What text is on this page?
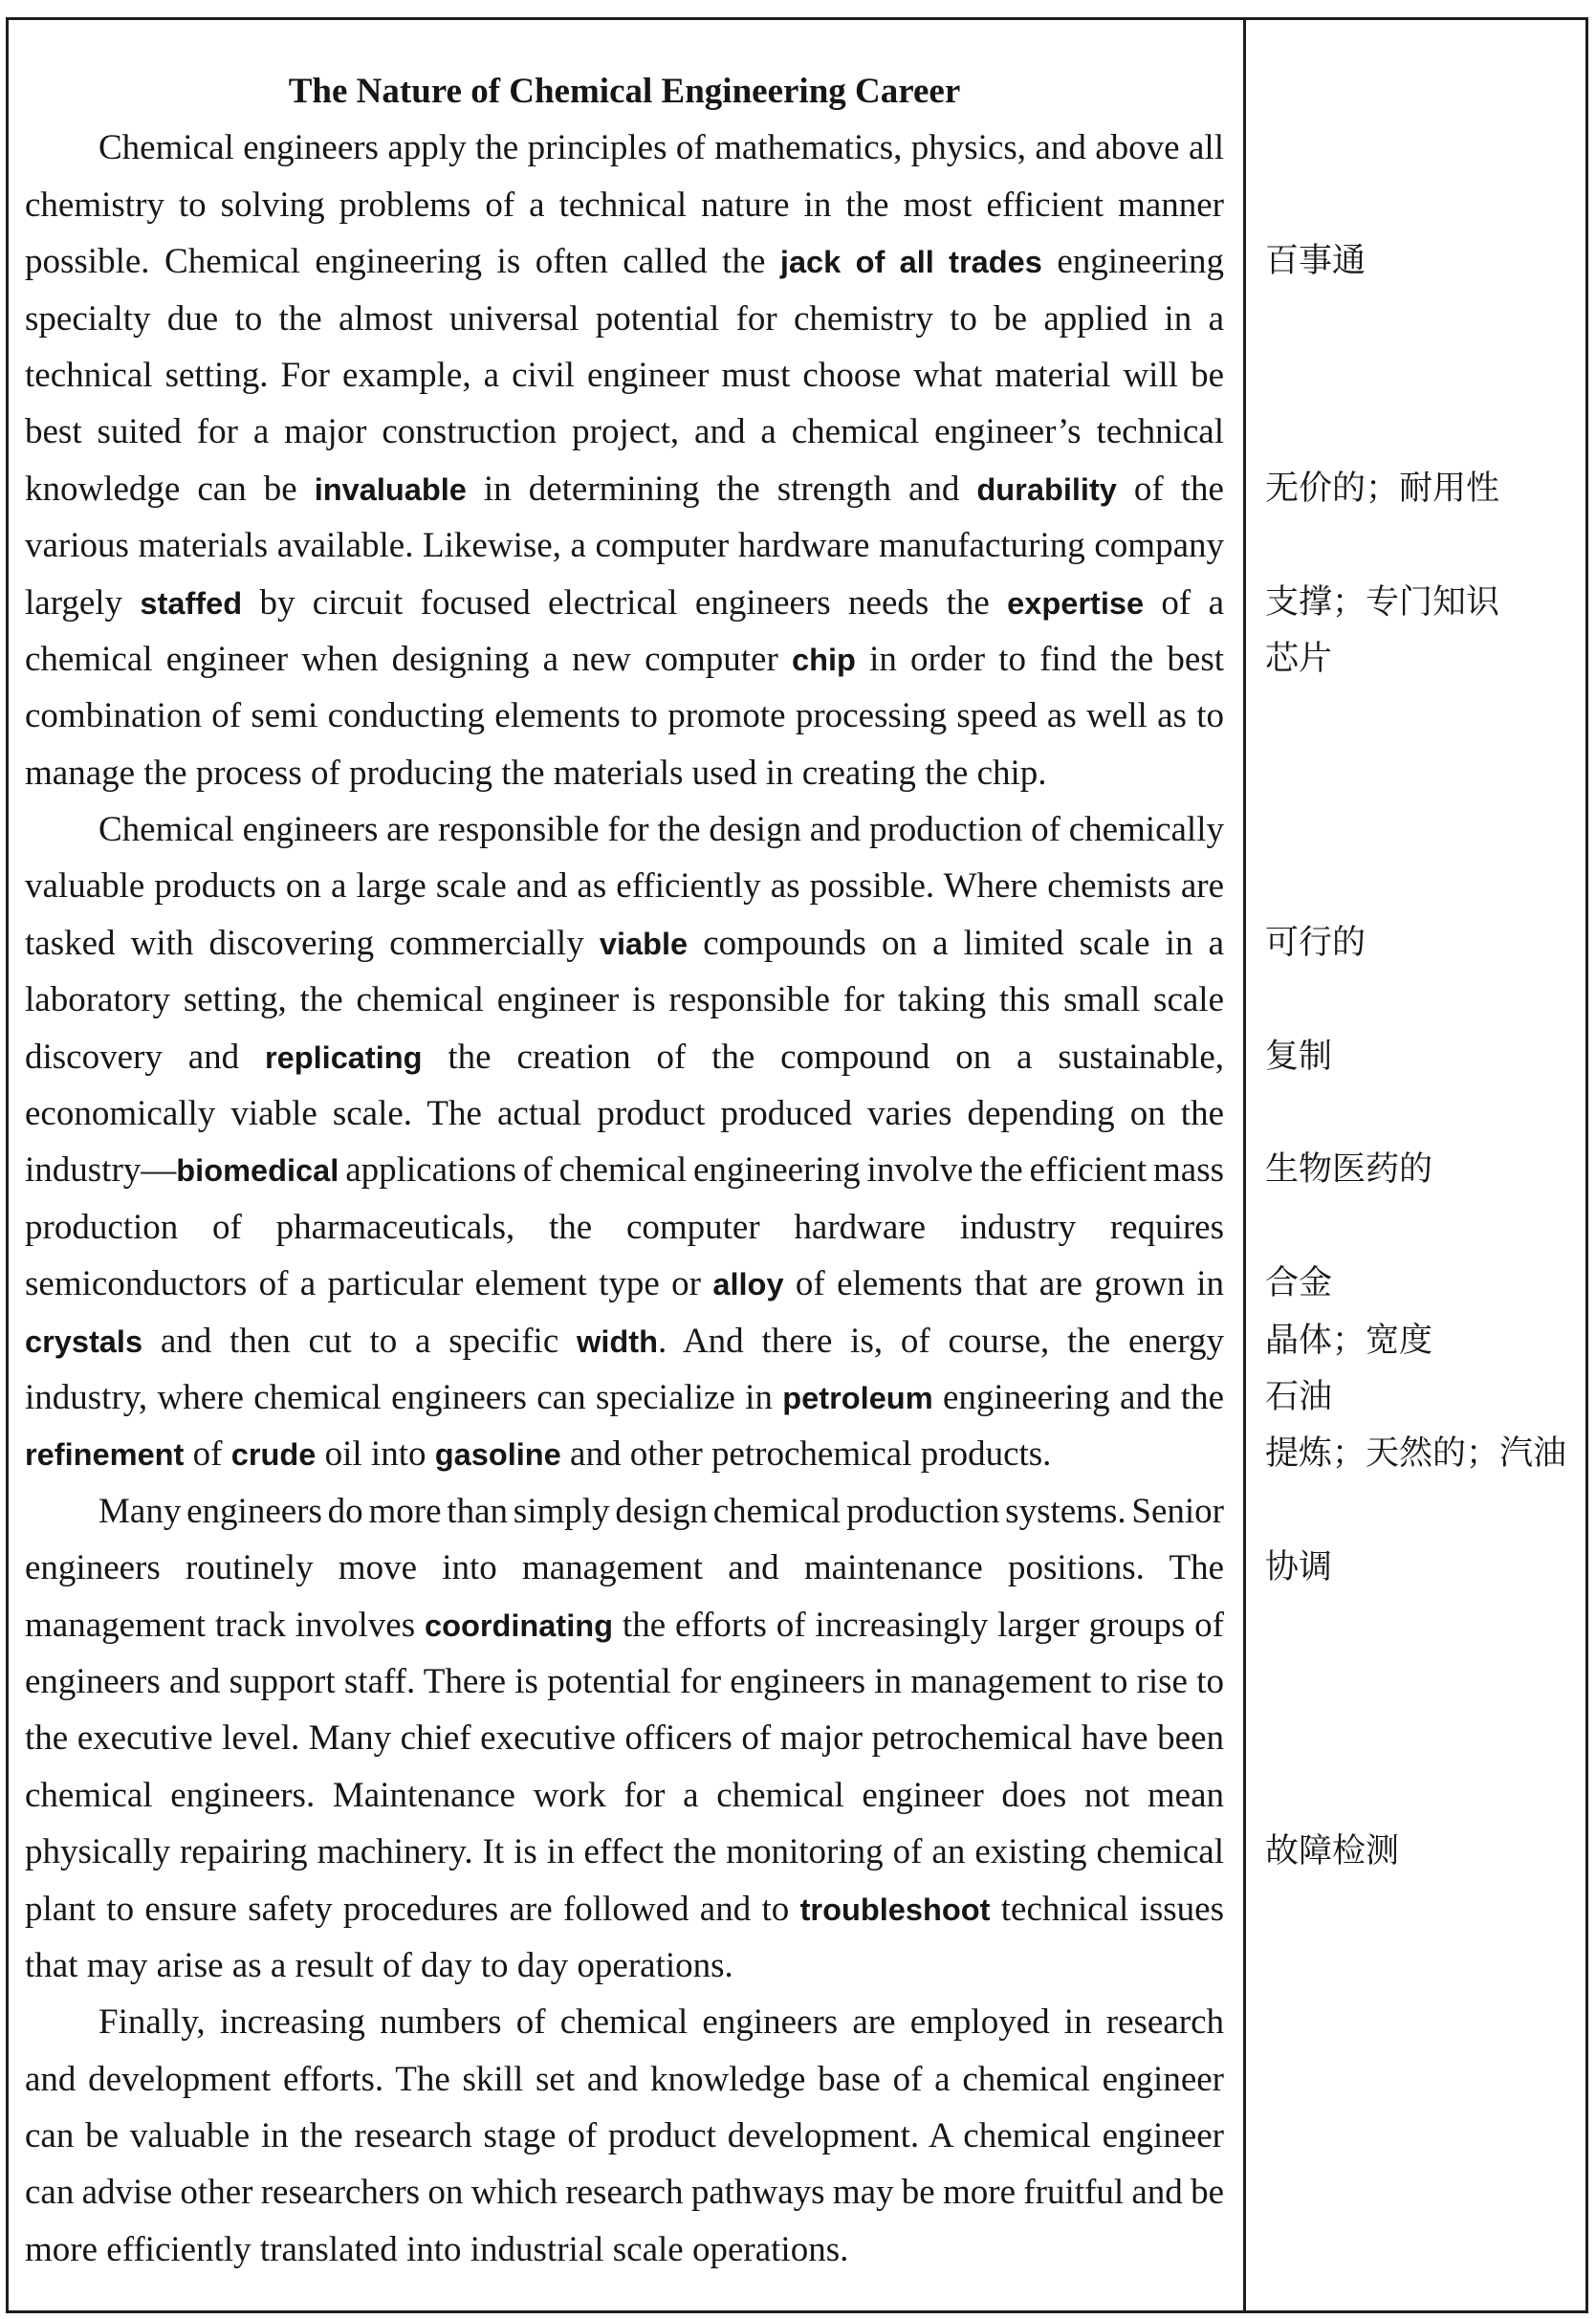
The Nature of Chemical Engineering Career
Chemical engineers apply the principles of mathematics, physics, and above all
chemistry to solving problems of a technical nature in the most efficient manner
possible. Chemical engineering is often called the jack of all trades engineering	百事通
specialty due to the almost universal potential for chemistry to be applied in a
technical setting. For example, a civil engineer must choose what material will be
best suited for a major construction project, and a chemical engineer’s technical
knowledge can be invaluable in determining the strength and durability of the	无价的；耐用性
various materials available. Likewise, a computer hardware manufacturing company
largely staffed by circuit focused electrical engineers needs the expertise of a	支撑；专门知识
chemical engineer when designing a new computer chip in order to find the best	芯片
combination of semi conducting elements to promote processing speed as well as to
manage the process of producing the materials used in creating the chip.
Chemical engineers are responsible for the design and production of chemically
valuable products on a large scale and as efficiently as possible. Where chemists are
tasked with discovering commercially viable compounds on a limited scale in a	可行的
laboratory setting, the chemical engineer is responsible for taking this small scale
discovery and replicating the creation of the compound on a sustainable,	复制
economically viable scale. The actual product produced varies depending on the
industry—biomedical applications of chemical engineering involve the efficient mass	生物医药的
production of pharmaceuticals, the computer hardware industry requires
semiconductors of a particular element type or alloy of elements that are grown in	合金
crystals and then cut to a specific width. And there is, of course, the energy	晶体；宽度
industry, where chemical engineers can specialize in petroleum engineering and the	石油
refinement of crude oil into gasoline and other petrochemical products.	提炼；天然的；汽油
Many engineers do more than simply design chemical production systems. Senior
engineers routinely move into management and maintenance positions. The	协调
management track involves coordinating the efforts of increasingly larger groups of
engineers and support staff. There is potential for engineers in management to rise to
the executive level. Many chief executive officers of major petrochemical have been
chemical engineers. Maintenance work for a chemical engineer does not mean
physically repairing machinery. It is in effect the monitoring of an existing chemical	故障检测
plant to ensure safety procedures are followed and to troubleshoot technical issues
that may arise as a result of day to day operations.
Finally, increasing numbers of chemical engineers are employed in research
and development efforts. The skill set and knowledge base of a chemical engineer
can be valuable in the research stage of product development. A chemical engineer
can advise other researchers on which research pathways may be more fruitful and be
more efficiently translated into industrial scale operations.
